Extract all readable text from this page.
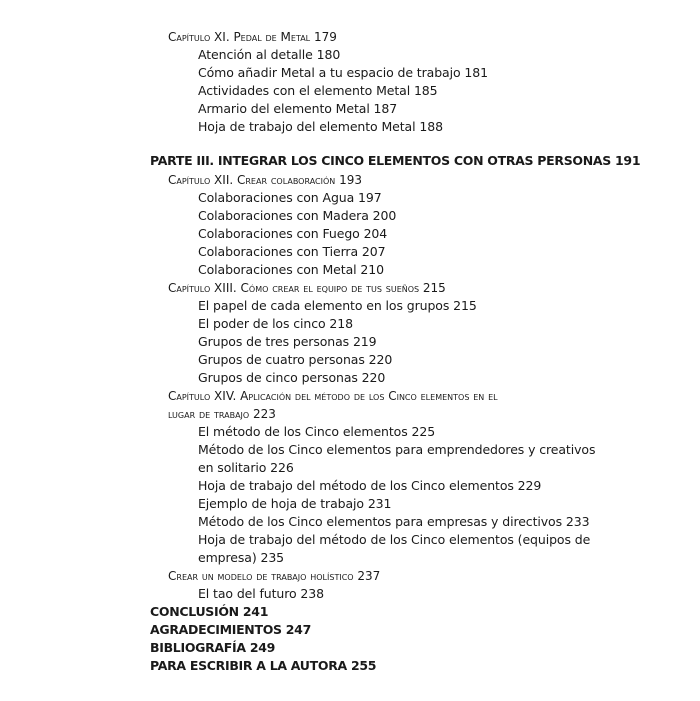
Capítulo XI. Pedal de Metal 179
Atención al detalle 180
Cómo añadir Metal a tu espacio de trabajo 181
Actividades con el elemento Metal 185
Armario del elemento Metal 187
Hoja de trabajo del elemento Metal 188
PARTE III. INTEGRAR LOS CINCO ELEMENTOS CON OTRAS PERSONAS 191
Capítulo XII. Crear colaboración 193
Colaboraciones con Agua 197
Colaboraciones con Madera 200
Colaboraciones con Fuego 204
Colaboraciones con Tierra 207
Colaboraciones con Metal 210
Capítulo XIII. Cómo crear el equipo de tus sueños 215
El papel de cada elemento en los grupos 215
El poder de los cinco 218
Grupos de tres personas 219
Grupos de cuatro personas 220
Grupos de cinco personas 220
Capítulo XIV. Aplicación del método de los Cinco elementos en el
lugar de trabajo 223
El método de los Cinco elementos 225
Método de los Cinco elementos para emprendedores y creativos
en solitario 226
Hoja de trabajo del método de los Cinco elementos 229
Ejemplo de hoja de trabajo 231
Método de los Cinco elementos para empresas y directivos 233
Hoja de trabajo del método de los Cinco elementos (equipos de
empresa) 235
Crear un modelo de trabajo holístico 237
El tao del futuro 238
CONCLUSIÓN 241
AGRADECIMIENTOS 247
BIBLIOGRAFÍA 249
PARA ESCRIBIR A LA AUTORA 255
